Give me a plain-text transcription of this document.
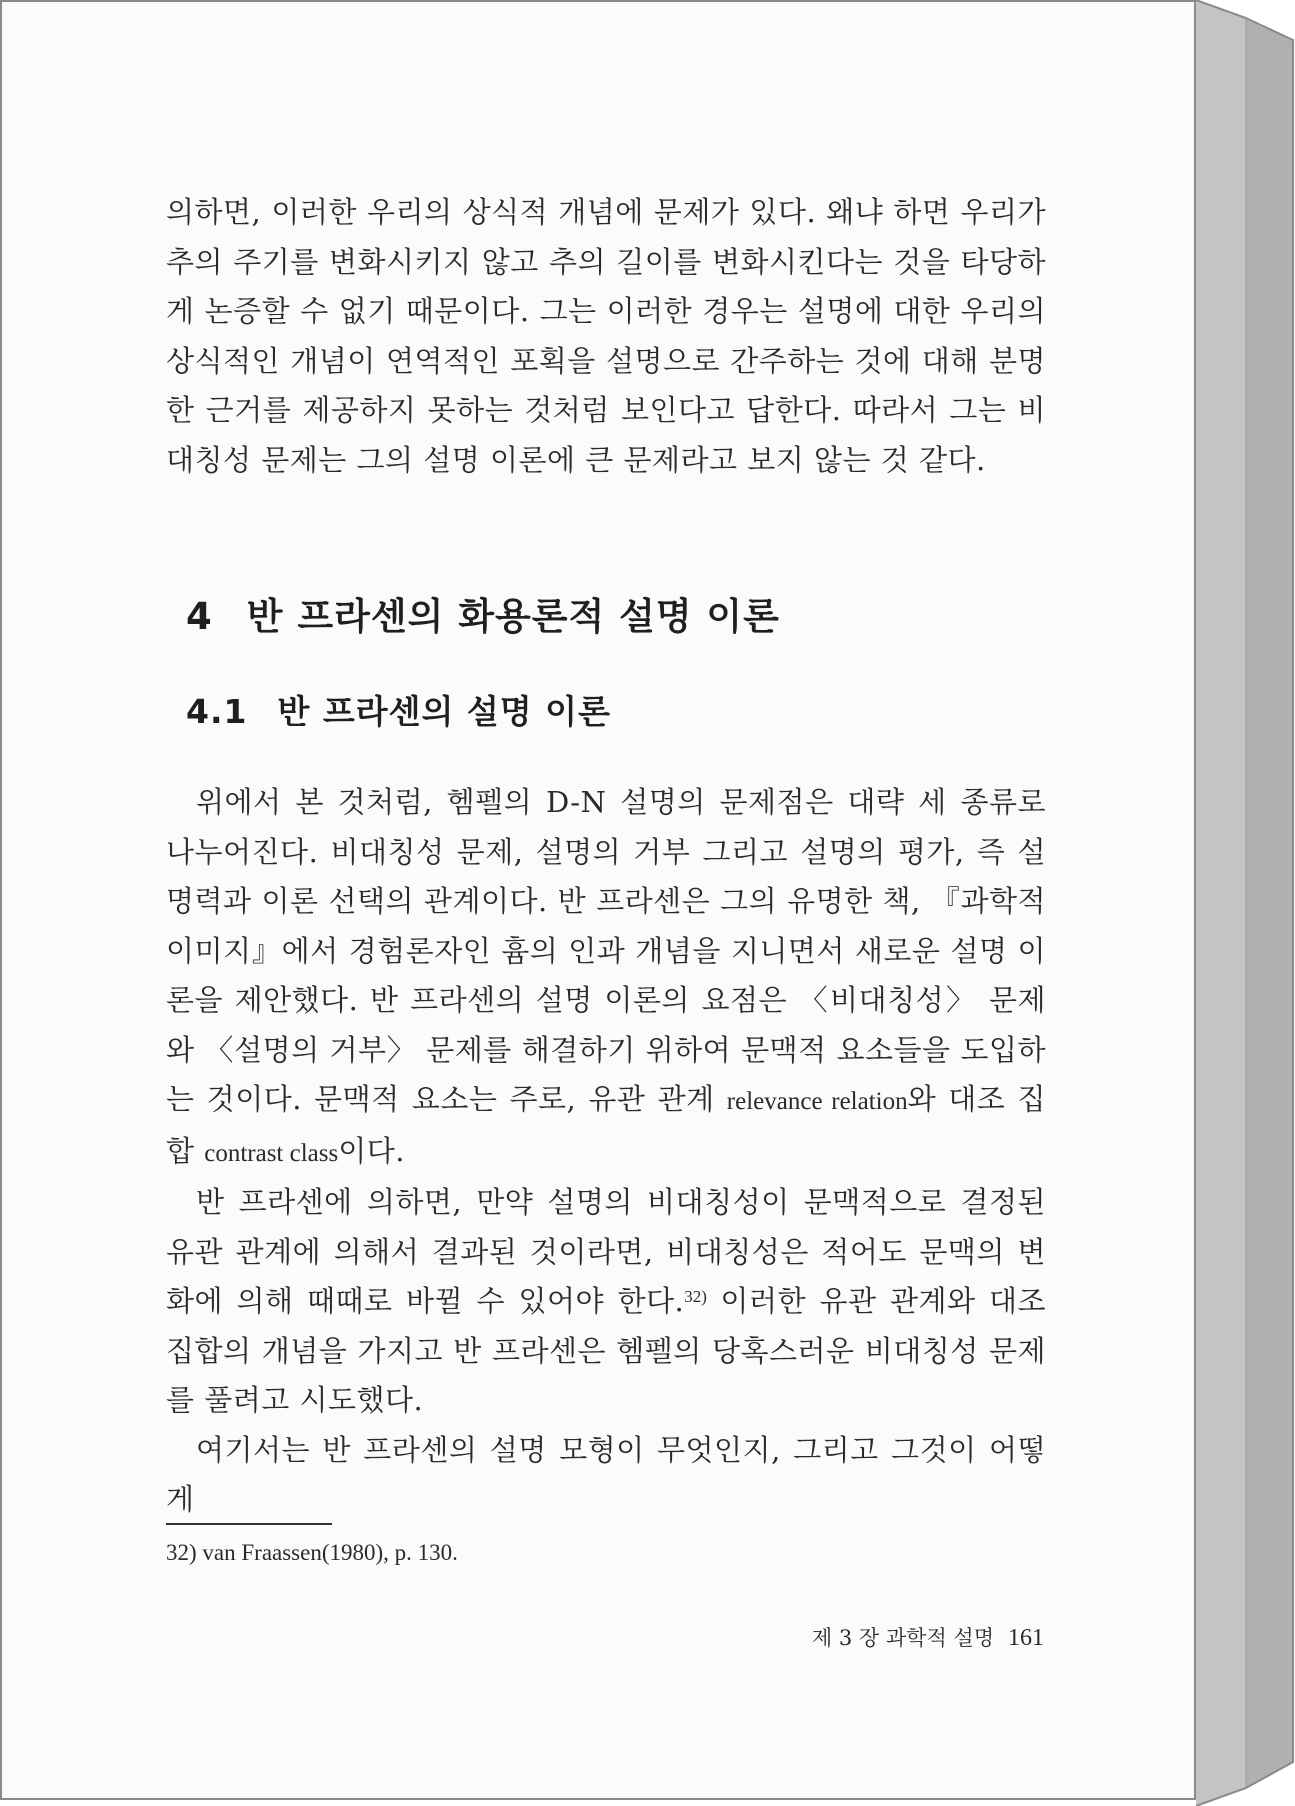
의하면, 이러한 우리의 상식적 개념에 문제가 있다. 왜냐 하면 우리가 추의 주기를 변화시키지 않고 추의 길이를 변화시킨다는 것을 타당하게 논증할 수 없기 때문이다. 그는 이러한 경우는 설명에 대한 우리의 상식적인 개념이 연역적인 포획을 설명으로 간주하는 것에 대해 분명한 근거를 제공하지 못하는 것처럼 보인다고 답한다. 따라서 그는 비대칭성 문제는 그의 설명 이론에 큰 문제라고 보지 않는 것 같다.

4 반 프라센의 화용론적 설명 이론
4.1 반 프라센의 설명 이론

위에서 본 것처럼, 헴펠의 D-N 설명의 문제점은 대략 세 종류로 나누어진다. 비대칭성 문제, 설명의 거부 그리고 설명의 평가, 즉 설명력과 이론 선택의 관계이다. 반 프라센은 그의 유명한 책, 『과학적 이미지』에서 경험론자인 흄의 인과 개념을 지니면서 새로운 설명 이론을 제안했다. 반 프라센의 설명 이론의 요점은 〈비대칭성〉 문제와 〈설명의 거부〉 문제를 해결하기 위하여 문맥적 요소들을 도입하는 것이다. 문맥적 요소는 주로, 유관 관계 relevance relation와 대조 집합 contrast class이다.

반 프라센에 의하면, 만약 설명의 비대칭성이 문맥적으로 결정된 유관 관계에 의해서 결과된 것이라면, 비대칭성은 적어도 문맥의 변화에 의해 때때로 바뀔 수 있어야 한다.$^{32)}$ 이러한 유관 관계와 대조 집합의 개념을 가지고 반 프라센은 헴펠의 당혹스러운 비대칭성 문제를 풀려고 시도했다.

여기서는 반 프라센의 설명 모형이 무엇인지, 그리고 그것이 어떻게

32) van Fraassen(1980), p. 130.

제 3 장 과학적 설명 161
